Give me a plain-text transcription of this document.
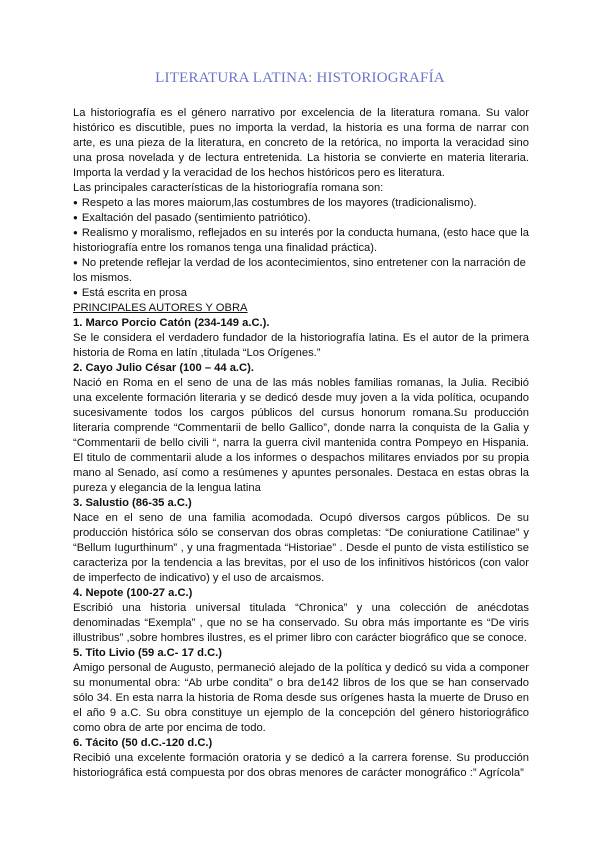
LITERATURA LATINA: HISTORIOGRAFÍA

La historiografía es el género narrativo por excelencia de la literatura romana. Su valor histórico es discutible, pues no importa la verdad, la historia es una forma de narrar con arte, es una pieza de la literatura, en concreto de la retórica, no importa la veracidad sino una prosa novelada y de lectura entretenida. La historia se convierte en materia literaria. Importa la verdad y la veracidad de los hechos históricos pero es literatura.

Las principales características de la historiografía romana son:

● Respeto a las mores maiorum,las costumbres de los mayores (tradicionalismo).

● Exaltación del pasado (sentimiento patriótico).

● Realismo y moralismo, reflejados en su interés por la conducta humana, (esto hace que la historiografía entre los romanos tenga una finalidad práctica).

● No pretende reflejar la verdad de los acontecimientos, sino entretener con la narración de los mismos.

● Está escrita en prosa

PRINCIPALES AUTORES Y OBRA

1. Marco Porcio Catón (234-149 a.C.).

Se le considera el verdadero fundador de la historiografía latina. Es el autor de la primera historia de Roma en latín ,titulada “Los Orígenes.”

2. Cayo Julio César (100 – 44 a.C).

Nació en Roma en el seno de una de las más nobles familias romanas, la Julia. Recibió una excelente formación literaria y se dedicó desde muy joven a la vida política, ocupando sucesivamente todos los cargos públicos del cursus honorum romana.Su producción literaria comprende “Commentarii de bello Gallico”, donde narra la conquista de la Galia y “Commentarii de bello civili “, narra la guerra civil mantenida contra Pompeyo en Hispania. El titulo de commentarii alude a los informes o despachos militares enviados por su propia mano al Senado, así como a resúmenes y apuntes personales. Destaca en estas obras la pureza y elegancia de la lengua latina

3. Salustio (86-35 a.C.)

Nace en el seno de una familia acomodada. Ocupó diversos cargos públicos. De su producción histórica sólo se conservan dos obras completas: “De coniuratione Catilinae” y “Bellum Iugurthinum” , y una fragmentada “Historiae” . Desde el punto de vista estilístico se caracteriza por la tendencia a las brevitas, por el uso de los infinitivos históricos (con valor de imperfecto de indicativo) y el uso de arcaismos.

4. Nepote (100-27 a.C.)

Escribió una historia universal titulada “Chronica” y una colección de anécdotas denominadas “Exempla” , que no se ha conservado. Su obra más importante es “De viris illustribus” ,sobre hombres ilustres, es el primer libro con carácter biográfico que se conoce.

5. Tito Livio (59 a.C- 17 d.C.)

Amigo personal de Augusto, permaneció alejado de la política y dedicó su vida a componer su monumental obra: “Ab urbe condita” o bra de142 libros de los que se han conservado sólo 34. En esta narra la historia de Roma desde sus orígenes hasta la muerte de Druso en el año 9 a.C. Su obra constituye un ejemplo de la concepción del género historiográfico como obra de arte por encima de todo.

6. Tácito (50 d.C.-120 d.C.)

Recibió una excelente formación oratoria y se dedicó a la carrera forense. Su producción historiográfica está compuesta por dos obras menores de carácter monográfico :” Agrícola”
